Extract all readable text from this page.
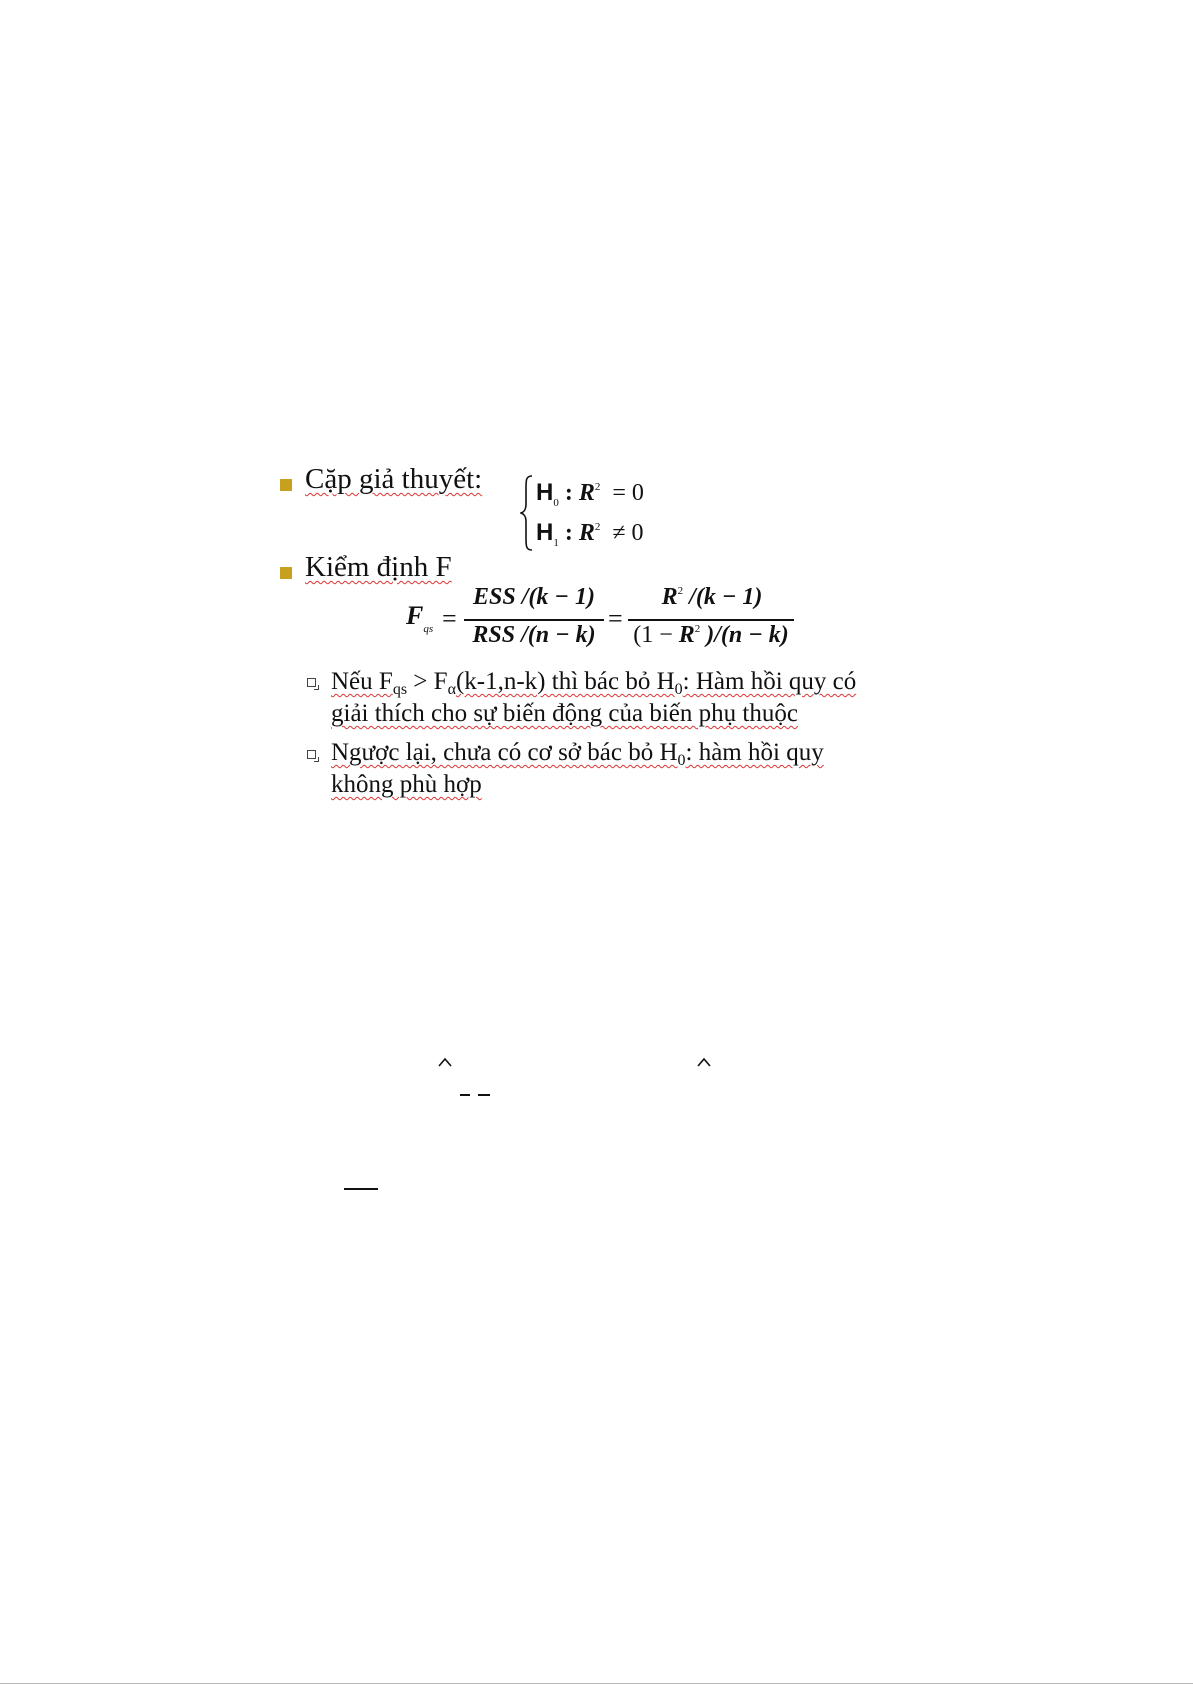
Cặp giả thuyết: $H_0$ : $R^2 = 0$
$H_1$ : $R^2 \ne 0$
Kiểm định F
$F_{qs}$ =
ESS /(k − 1)
RSS /(n − k)
=
$R^2$ /(k − 1)
($1 - R^2$ )/(n − k)
Nếu $F_{qs} > F_\alpha(k-1,n-k)$ thì bác bỏ $H_0$: Hàm hồi quy có
giải thích cho sự biến động của biến phụ thuộc
Ngược lại, chưa có cơ sở bác bỏ $H_0$: hàm hồi quy
không phù hợp
